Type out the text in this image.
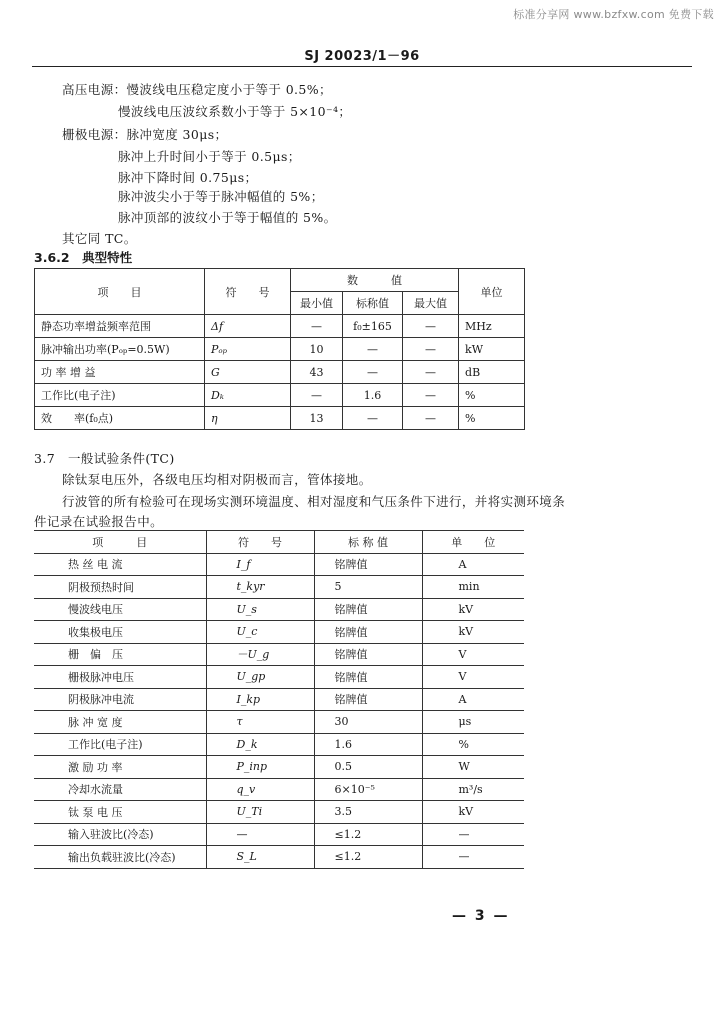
标准分享网 www.bzfxw.com 免费下载
SJ 20023/1－96
高压电源：慢波线电压稳定度小于等于 0.5%；
慢波线电压波纹系数小于等于 5×10⁻⁴；
栅极电源：脉冲宽度 30μs；
脉冲上升时间小于等于 0.5μs；
脉冲下降时间 0.75μs；
脉冲波尖小于等于脉冲幅值的 5%；
脉冲顶部的波纹小于等于幅值的 5%。
其它同 TC。
3.6.2　 典型特性
项　　目	符　　号	数　　　值			单位
		最小值	标称值	最大值	
静态功率增益频率范围	Δf	—	f₀±165	—	MHz
脉冲输出功率(Pₒₚ=0.5W)	Pₒₚ	10	—	—	kW
功 率 增 益	G	43	—	—	dB
工作比(电子注)	Dₖ	—	1.6	—	%
效　　率(f₀点)	η	13	—	—	%
3.7　一般试验条件(TC)
除钛泵电压外，各级电压均相对阴极而言，管体接地。
行波管的所有检验可在现场实测环境温度、相对湿度和气压条件下进行，并将实测环境条
件记录在试验报告中。
项　　　目	符　　号	标 称 值	单　　位
热 丝 电 流	I_f	铭牌值	A
阴极预热时间	t_kyr	5	min
慢波线电压	U_s	铭牌值	kV
收集极电压	U_c	铭牌值	kV
栅　偏　压	－U_g	铭牌值	V
栅极脉冲电压	U_gp	铭牌值	V
阴极脉冲电流	I_kp	铭牌值	A
脉 冲 宽 度	τ	30	μs
工作比(电子注)	D_k	1.6	%
激 励 功 率	P_inp	0.5	W
冷却水流量	q_v	6×10⁻⁵	m³/s
钛 泵 电 压	U_Ti	3.5	kV
输入驻波比(冷态)	—	≤1.2	—
输出负载驻波比(冷态)	S_L	≤1.2	—
— 3 —
